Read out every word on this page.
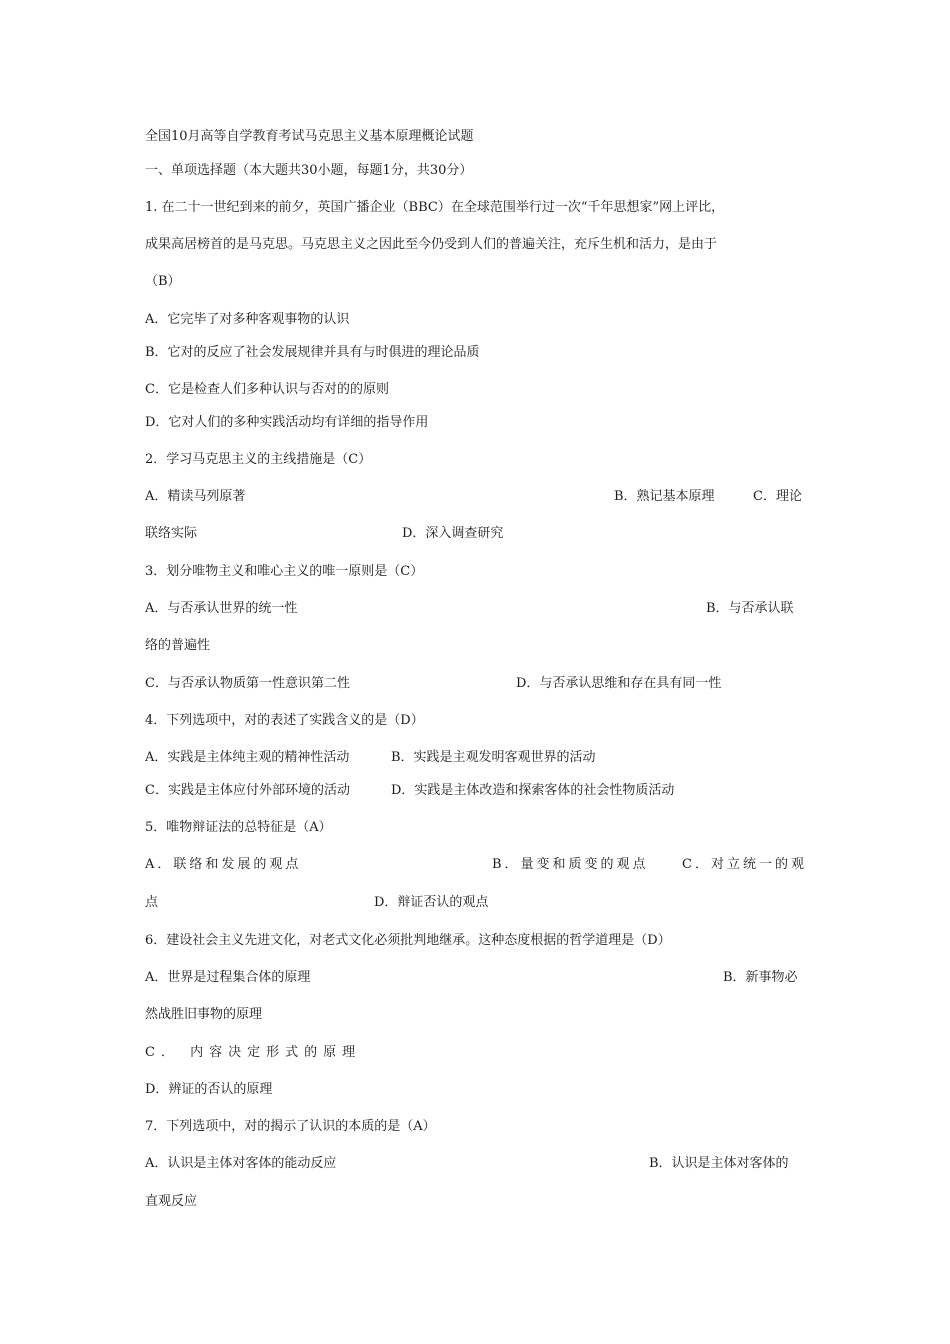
全国10月高等自学教育考试马克思主义基本原理概论试题
一、单项选择题（本大题共30小题，每题1分，共30分）
1. 在二十一世纪到来的前夕，英国广播企业（BBC）在全球范围举行过一次“千年思想家”网上评比，
成果高居榜首的是马克思。马克思主义之因此至今仍受到人们的普遍关注，充斥生机和活力，是由于
（B）
A．它完毕了对多种客观事物的认识
B．它对的反应了社会发展规律并具有与时俱进的理论品质
C．它是检查人们多种认识与否对的的原则
D．它对人们的多种实践活动均有详细的指导作用
2．学习马克思主义的主线措施是（C）
A．精读马列原著	B．熟记基本原理	C．理论
联络实际	D．深入调查研究
3．划分唯物主义和唯心主义的唯一原则是（C）
A．与否承认世界的统一性	B．与否承认联
络的普遍性
C．与否承认物质第一性意识第二性	D．与否承认思维和存在具有同一性
4．下列选项中，对的表述了实践含义的是（D）
A．实践是主体纯主观的精神性活动	B．实践是主观发明客观世界的活动
C．实践是主体应付外部环境的活动	D．实践是主体改造和探索客体的社会性物质活动
5．唯物辩证法的总特征是（A）
A．联络和发展的观点	B．量变和质变的观点	C．对立统一的观
点	D．辩证否认的观点
6．建设社会主义先进文化，对老式文化必须批判地继承。这种态度根据的哲学道理是（D）
A．世界是过程集合体的原理	B．新事物必
然战胜旧事物的原理
C． 内容决定形式的原理
D．辨证的否认的原理
7．下列选项中，对的揭示了认识的本质的是（A）
A．认识是主体对客体的能动反应	B．认识是主体对客体的
直观反应
